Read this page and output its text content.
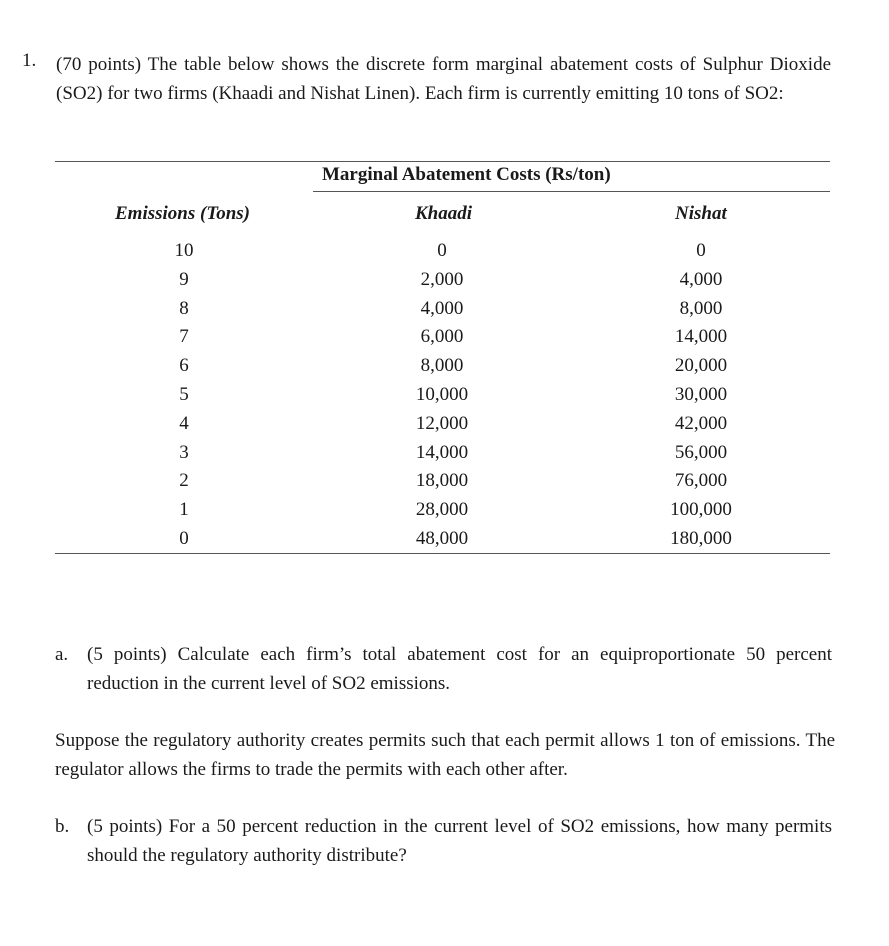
1. (70 points) The table below shows the discrete form marginal abatement costs of Sulphur Dioxide (SO2) for two firms (Khaadi and Nishat Linen). Each firm is currently emitting 10 tons of SO2:
Marginal Abatement Costs (Rs/ton)
Emissions (Tons)	Khaadi	Nishat
10	0	0
9	2,000	4,000
8	4,000	8,000
7	6,000	14,000
6	8,000	20,000
5	10,000	30,000
4	12,000	42,000
3	14,000	56,000
2	18,000	76,000
1	28,000	100,000
0	48,000	180,000
a. (5 points) Calculate each firm’s total abatement cost for an equiproportionate 50 percent reduction in the current level of SO2 emissions.
Suppose the regulatory authority creates permits such that each permit allows 1 ton of emissions. The regulator allows the firms to trade the permits with each other after.
b. (5 points) For a 50 percent reduction in the current level of SO2 emissions, how many permits should the regulatory authority distribute?
